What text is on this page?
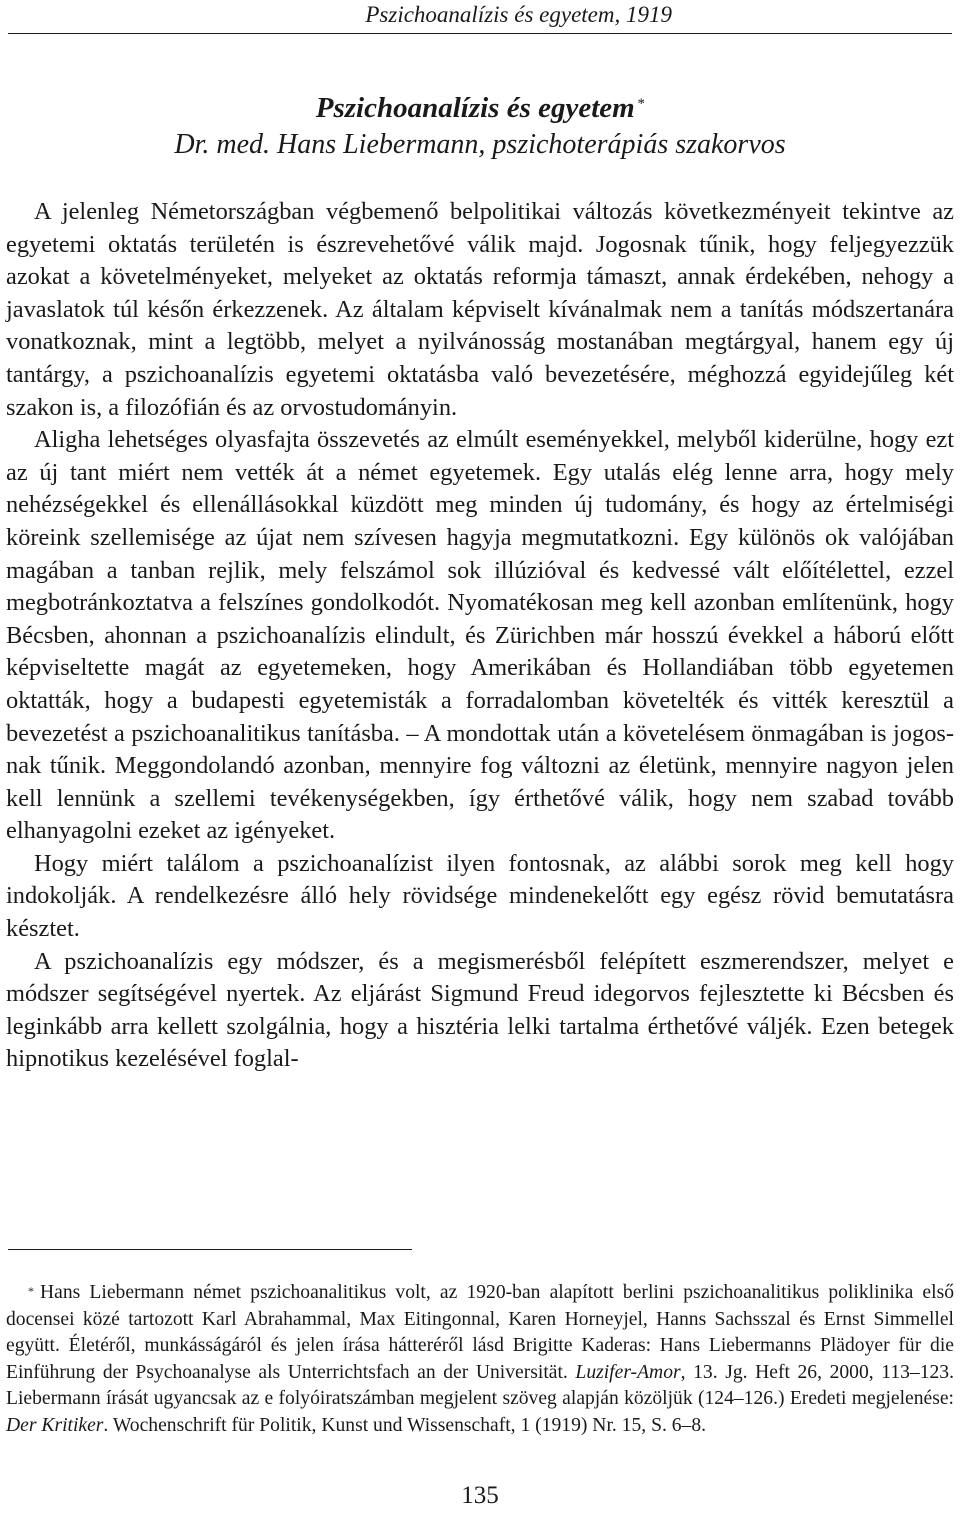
Pszichoanalízis és egyetem, 1919
Pszichoanalízis és egyetem *
Dr. med. Hans Liebermann, pszichoterápiás szakorvos

A jelenleg Németországban végbemenő belpolitikai változás következményeit tekintve az egyetemi oktatás területén is észrevehetővé válik majd. Jogosnak tűnik, hogy feljegyezzük azokat a követelményeket, melyeket az oktatás reformja támaszt, annak érdekében, nehogy a javaslatok túl későn érkezzenek. Az általam képviselt kívánalmak nem a tanítás módszertanára vonatkoznak, mint a legtöbb, melyet a nyilvánosság mostanában megtárgyal, hanem egy új tantárgy, a pszichoanalízis egyetemi oktatásba való bevezetésére, méghozzá egyidejűleg két szakon is, a filozófián és az orvostudományin.

Aligha lehetséges olyasfajta összevetés az elmúlt eseményekkel, melyből kiderülne, hogy ezt az új tant miért nem vették át a német egyetemek. Egy utalás elég lenne arra, hogy mely nehézségekkel és ellenállásokkal küzdött meg minden új tudomány, és hogy az értelmiségi köreink szellemisége az újat nem szívesen hagyja megmutatkozni. Egy különös ok valójában magában a tanban rejlik, mely felszámol sok illúzióval és kedvessé vált előítélettel, ezzel megbotránkoztatva a felszínes gondolkodót. Nyomatékosan meg kell azonban említenünk, hogy Bécsben, ahonnan a pszichoanalízis elindult, és Zürichben már hosszú évekkel a háború előtt képviseltette magát az egyetemeken, hogy Amerikában és Hollandiában több egyetemen oktatták, hogy a budapesti egyetemisták a forradalomban követelték és vitték keresztül a bevezetést a pszichoanalitikus tanításba. – A mondottak után a követelésem önmagában is jogosnak tűnik. Meggondolandó azonban, mennyire fog változni az életünk, mennyire nagyon jelen kell lennünk a szellemi tevékenységekben, így érthetővé válik, hogy nem szabad tovább elhanyagolni ezeket az igényeket.

Hogy miért találom a pszichoanalízist ilyen fontosnak, az alábbi sorok meg kell hogy indokolják. A rendelkezésre álló hely rövidsége mindenekelőtt egy egész rövid bemutatásra késztet.

A pszichoanalízis egy módszer, és a megismerésből felépített eszmerendszer, melyet e módszer segítségével nyertek. Az eljárást Sigmund Freud idegorvos fejlesztette ki Bécsben és leginkább arra kellett szolgálnia, hogy a hisztéria lelki tartalma érthetővé váljék. Ezen betegek hipnotikus kezelésével foglal-

* Hans Liebermann német pszichoanalitikus volt, az 1920-ban alapított berlini pszichoanalitikus poliklinika első docensei közé tartozott Karl Abrahammal, Max Eitingonnal, Karen Horneyjel, Hanns Sachsszal és Ernst Simmellel együtt. Életéről, munkásságáról és jelen írása hátteréről lásd Brigitte Kaderas: Hans Liebermanns Plädoyer für die Einführung der Psychoanalyse als Unterrichtsfach an der Universität. Luzifer-Amor, 13. Jg. Heft 26, 2000, 113–123. Liebermann írását ugyancsak az e folyóiratszámban megjelent szöveg alapján közöljük (124–126.) Eredeti megjelenése: Der Kritiker. Wochenschrift für Politik, Kunst und Wissenschaft, 1 (1919) Nr. 15, S. 6–8.

135
